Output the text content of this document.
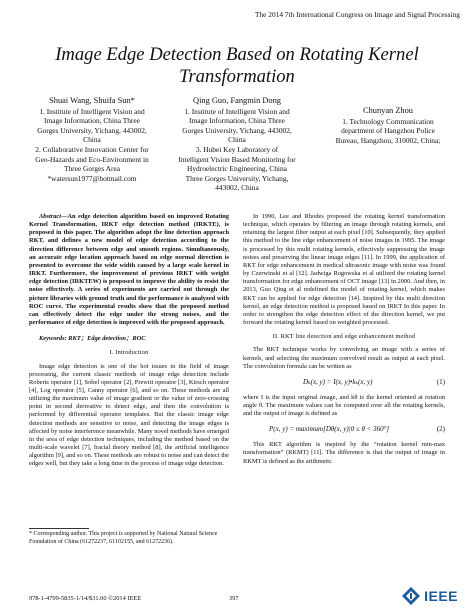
The 2014 7th International Congress on Image and Signal Processing
Image Edge Detection Based on Rotating Kernel Transformation
Shuai Wang, Shuifa Sun*
1. Institute of Intelligent Vision and
Image Information, China Three
Gorges University, Yichang, 443002,
China
2. Collaborative Innovation Center for
Geo-Hazards and Eco-Environment in
Three Gorges Area
*watersun1977@hotmail.com
Qing Guo, Fangmin Dong
1. Institute of Intelligent Vision and
Image Information, China Three
Gorges University, Yichang, 443002,
China
3. Hubei Key Laboratory of
Intelligent Vision Based Monitoring for
Hydroelectric Engineering, China
Three Gorges University, Yichang,
443002, China
Chunyan Zhou
1. Technology Communication
department of Hangzhou Police
Bureau, Hangzhou, 310002, China;

Abstract—An edge detection algorithm based on improved Rotating Kernel Transformation, IRKT edge detection method (IRKTE), is proposed in this paper. The algorithm adopt the line detection approach RKT, and defines a new model of edge detection according to the direction difference between edge and smooth regions. Simultaneously, an accurate edge location approach based on edge normal direction is presented to overcome the wide width caused by a large scale kernel in IRKT. Furthermore, the improvement of previous IRKT with weight edge detection (IRKTEW) is proposed to improve the ability to resist the noise effectively. A series of experiments are carried out through the picture libraries with ground truth and the performance is analyzed with ROC curve. The experimental results show that the proposed method can effectively detect the edge under the strong noises, and the performance of edge detection is improved with the proposed approach.

Keywords: RKT；Edge detection；ROC

I. Introduction

Image edge detection is one of the hot issues in the field of image processing, the current classic methods of image edge detection include Roberts operator [1], Sobel operator [2], Prewitt operator [3], Kirsch operator [4], Log operator [5], Canny operator [6], and so on. These methods are all utilizing the maximum value of image gradient or the value of zero-crossing point in second derivative to detect edge, and then the convolution is performed by differential operator templates. But the classic image edge detection methods are sensitive to noise, and detecting the image edges is affected by noise interference meanwhile. Many novel methods have emerged in the area of edge detection techniques, including the method based on the multi-scale wavelet [7], fractal theory method [8], the artificial intelligence algorithm [9], and so on. These methods are robust to noise and can detect the edges well, but they take a long time in the process of image edge detection.

* Corresponding author. This project is supported by National Natural Science Foundation of China (61272237, 61102155, and 61272236).

In 1990, Lee and Rhodes proposed the rotating kernel transformation technique, which operates by filtering an image through rotating kernels, and retaining the largest filter output at each pixel [10]. Subsequently, they applied this method to the line edge enhancement of noise images in 1995. The image is processed by this multi rotating kernels, effectively suppressing the image noises and preserving the linear image edges [11]. In 1999, the application of RKT for edge enhancement in medical ultrasonic image with noise was found by Czerwinski et al [12]. Jadwiga Rogowska et al utilized the rotating kernel transformation for edge enhancement of OCT image [13] in 2000. And then, in 2013, Guo Qing et al redefined the model of rotating kernel, which makes RKT can be applied for edge detection [14]. Inspired by this multi direction kernel, an edge detection method is proposed based on IRKT In this paper. In order to strengthen the edge detection effect of the direction kernel, we put forward the rotating kernel based on weighted processed.

II. RKT line detection and edge enhancement method

The RKT technique works by convolving an image with a series of kernels, and selecting the maximum convolved result as output at each pixel. The convolution formula can be written as

Dₖ(x, y) = I(x, y)•kₖ(x, y)	(1)

where I is the input original image, and kθ is the kernel oriented at rotation angle θ. The maximum values can be computed over all the rotating kernels, and the output of image is defined as

P(x, y) = maximum[Dθ(x, y)|0 ≤ θ < 360°]	(2)

This RKT algorithm is inspired by the “rotation kernel min-max transformation” (RKMT) [11]. The difference is that the output of image in RKMT is defined as the arithmetic

978-1-4799-5835-1/14/$31.00 ©2014 IEEE	397	IEEE
